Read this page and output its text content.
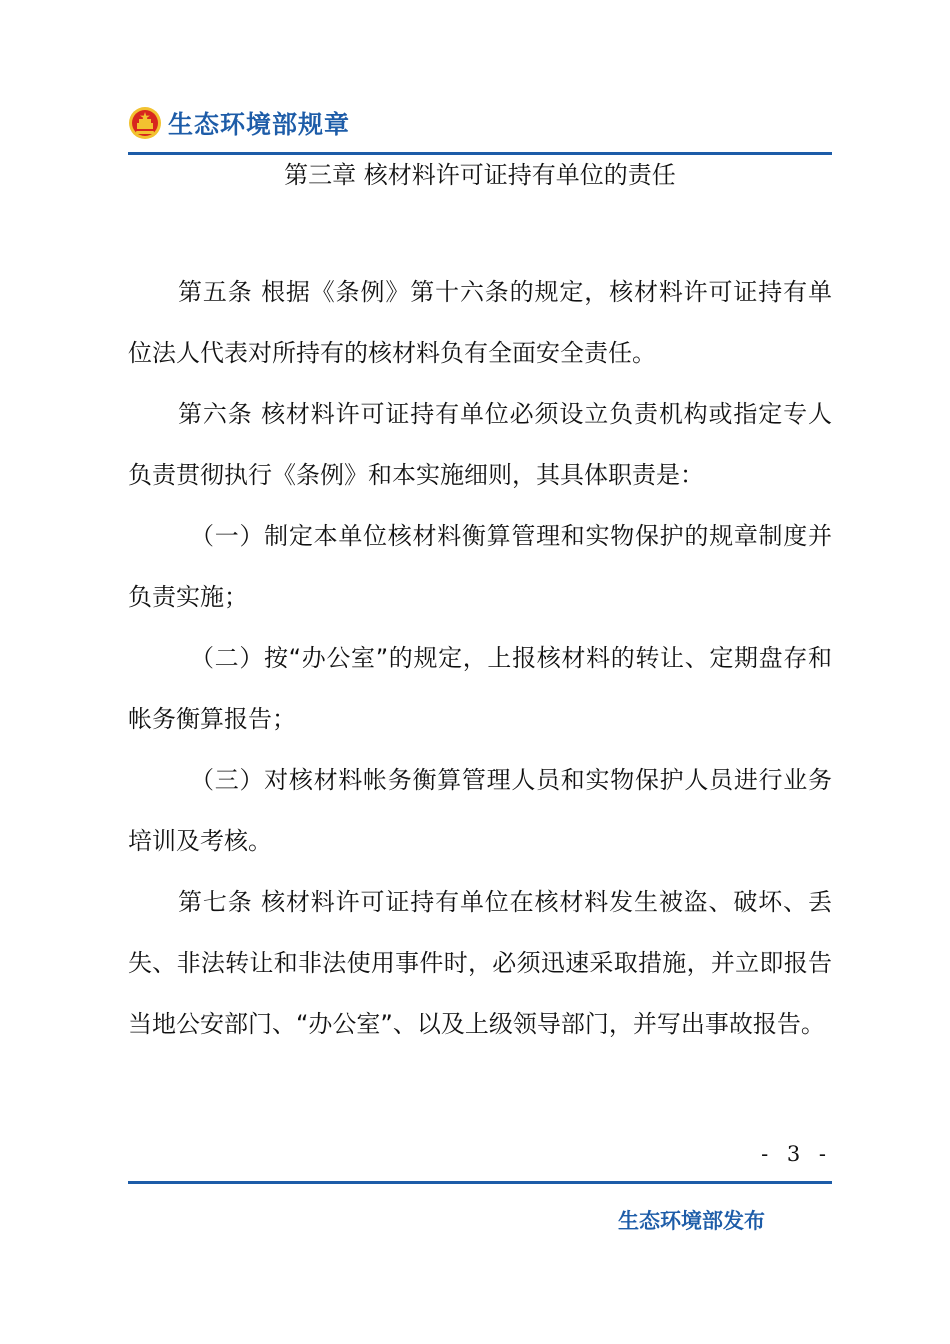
生态环境部规章
第三章 核材料许可证持有单位的责任

第五条 根据《条例》第十六条的规定，核材料许可证持有单位法人代表对所持有的核材料负有全面安全责任。

第六条 核材料许可证持有单位必须设立负责机构或指定专人负责贯彻执行《条例》和本实施细则，其具体职责是：

（一）制定本单位核材料衡算管理和实物保护的规章制度并负责实施；

（二）按“办公室”的规定，上报核材料的转让、定期盘存和帐务衡算报告；

（三）对核材料帐务衡算管理人员和实物保护人员进行业务培训及考核。

第七条 核材料许可证持有单位在核材料发生被盗、破坏、丢失、非法转让和非法使用事件时，必须迅速采取措施，并立即报告当地公安部门、“办公室”、以及上级领导部门，并写出事故报告。

- 3 -
生态环境部发布
